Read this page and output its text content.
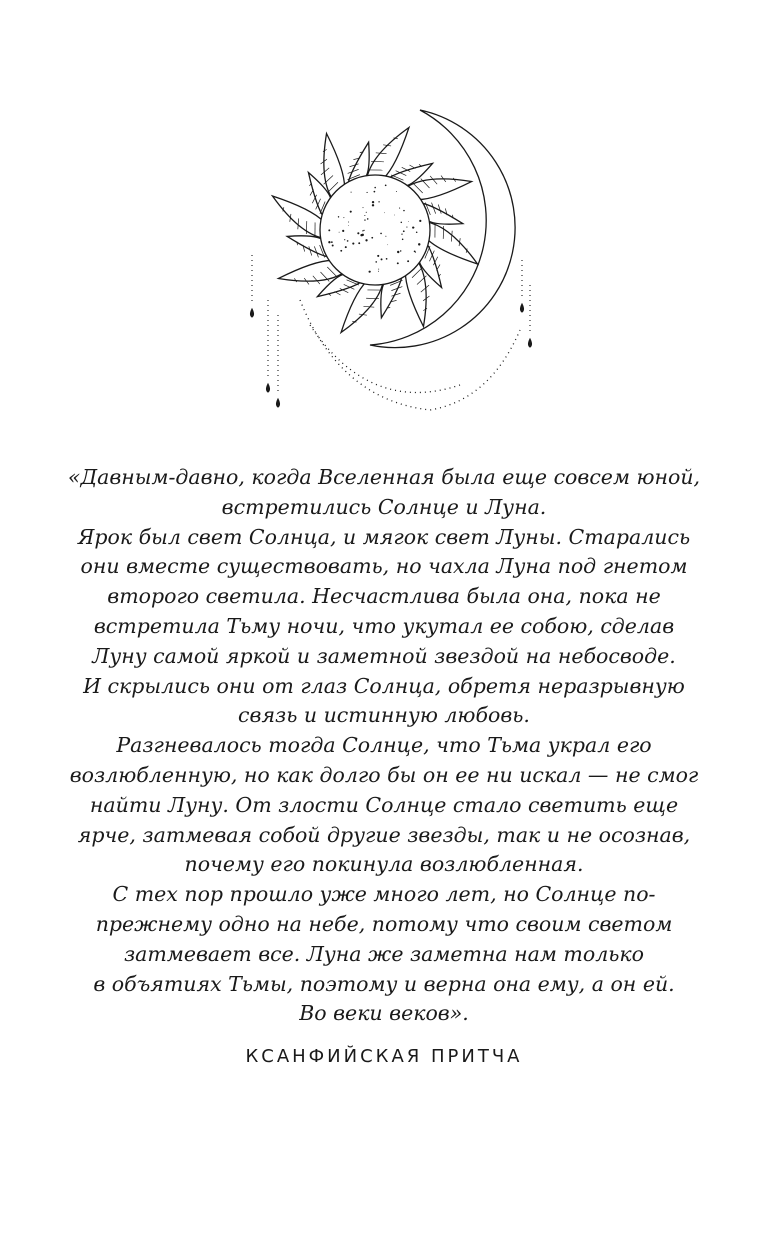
«Давным-давно, когда Вселенная была еще совсем юной,
встретились Солнце и Луна.
Ярок был свет Солнца, и мягок свет Луны. Старались
они вместе существовать, но чахла Луна под гнетом
второго светила. Несчастлива была она, пока не
встретила Тьму ночи, что укутал ее собою, сделав
Луну самой яркой и заметной звездой на небосводе.
И скрылись они от глаз Солнца, обретя неразрывную
связь и истинную любовь.
Разгневалось тогда Солнце, что Тьма украл его
возлюбленную, но как долго бы он ее ни искал — не смог
найти Луну. От злости Солнце стало светить еще
ярче, затмевая собой другие звезды, так и не осознав,
почему его покинула возлюбленная.
С тех пор прошло уже много лет, но Солнце по-
прежнему одно на небе, потому что своим светом
затмевает все. Луна же заметна нам только
в объятиях Тьмы, поэтому и верна она ему, а он ей.
Во веки веков».

КСАНФИЙСКАЯ ПРИТЧА
